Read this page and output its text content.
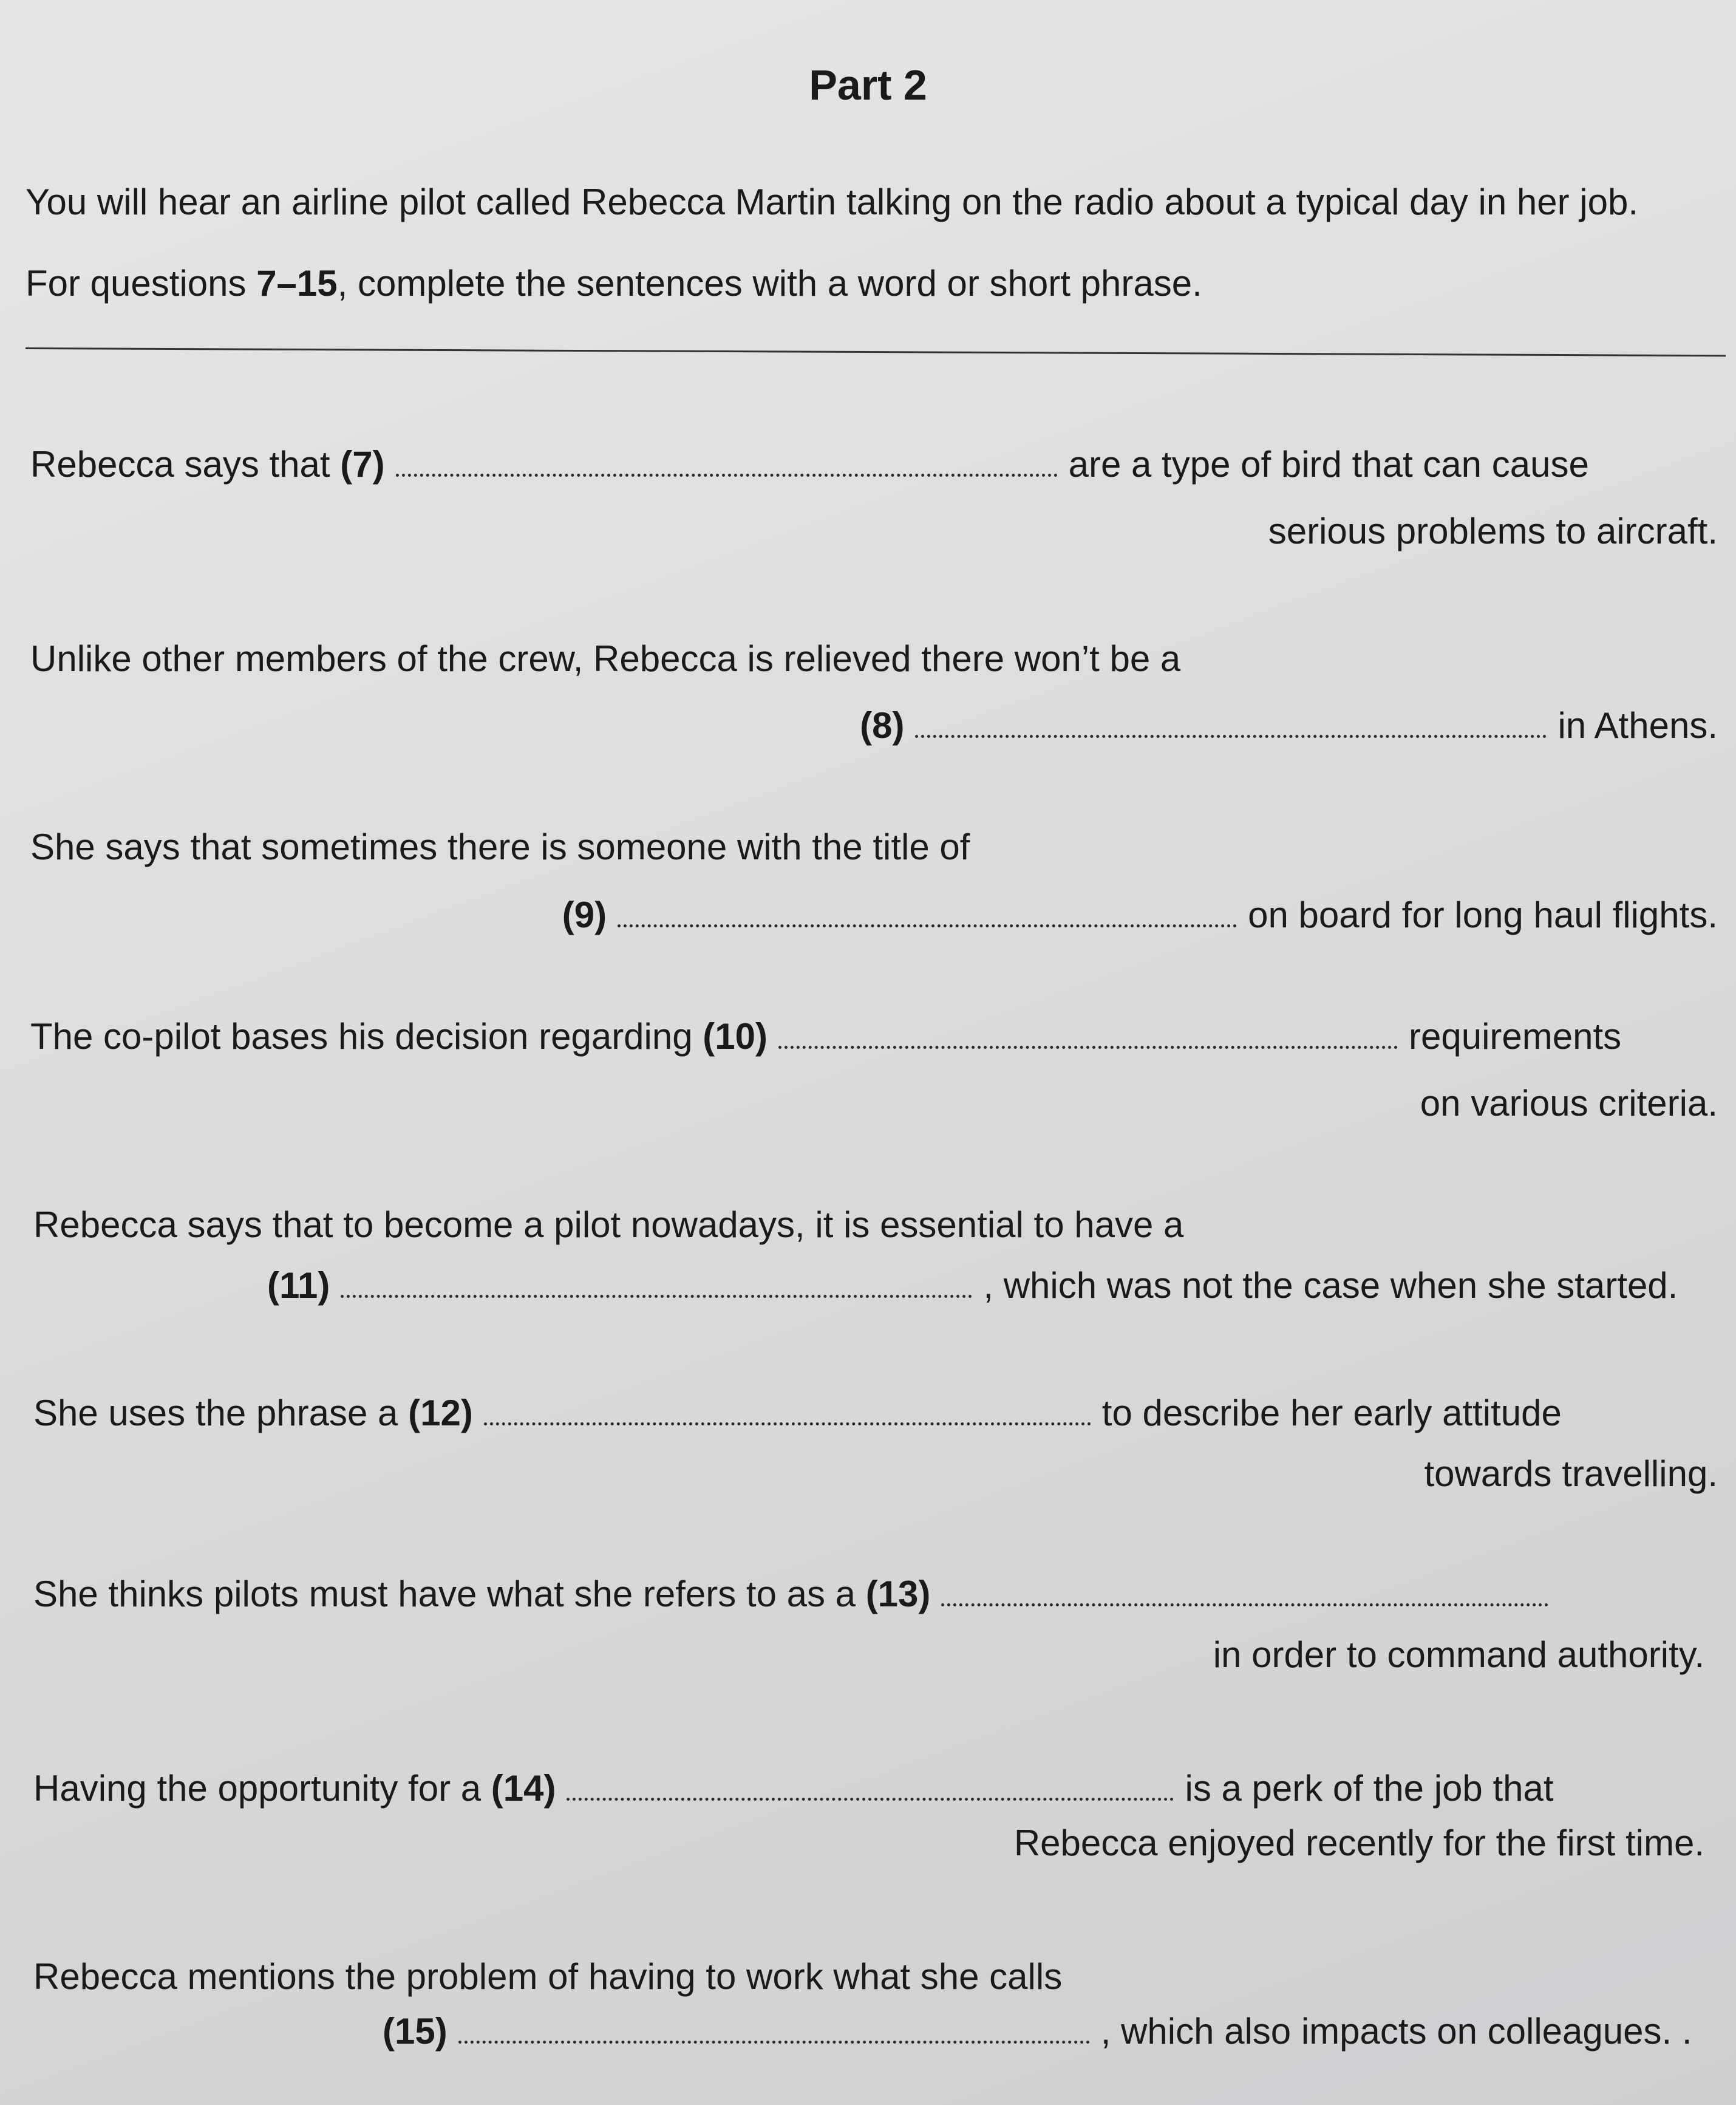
Part 2
You will hear an airline pilot called Rebecca Martin talking on the radio about a typical day in her job.
For questions 7–15, complete the sentences with a word or short phrase.
Rebecca says that (7)	are a type of bird that can cause
serious problems to aircraft.
Unlike other members of the crew, Rebecca is relieved there won’t be a
(8)	in Athens.
She says that sometimes there is someone with the title of
(9)	on board for long haul flights.
The co-pilot bases his decision regarding (10)	requirements
on various criteria.
Rebecca says that to become a pilot nowadays, it is essential to have a
(11)	, which was not the case when she started.
She uses the phrase a (12)	to describe her early attitude
towards travelling.
She thinks pilots must have what she refers to as a (13)
in order to command authority.
Having the opportunity for a (14)	is a perk of the job that
Rebecca enjoyed recently for the first time.
Rebecca mentions the problem of having to work what she calls
(15)	, which also impacts on colleagues. .
